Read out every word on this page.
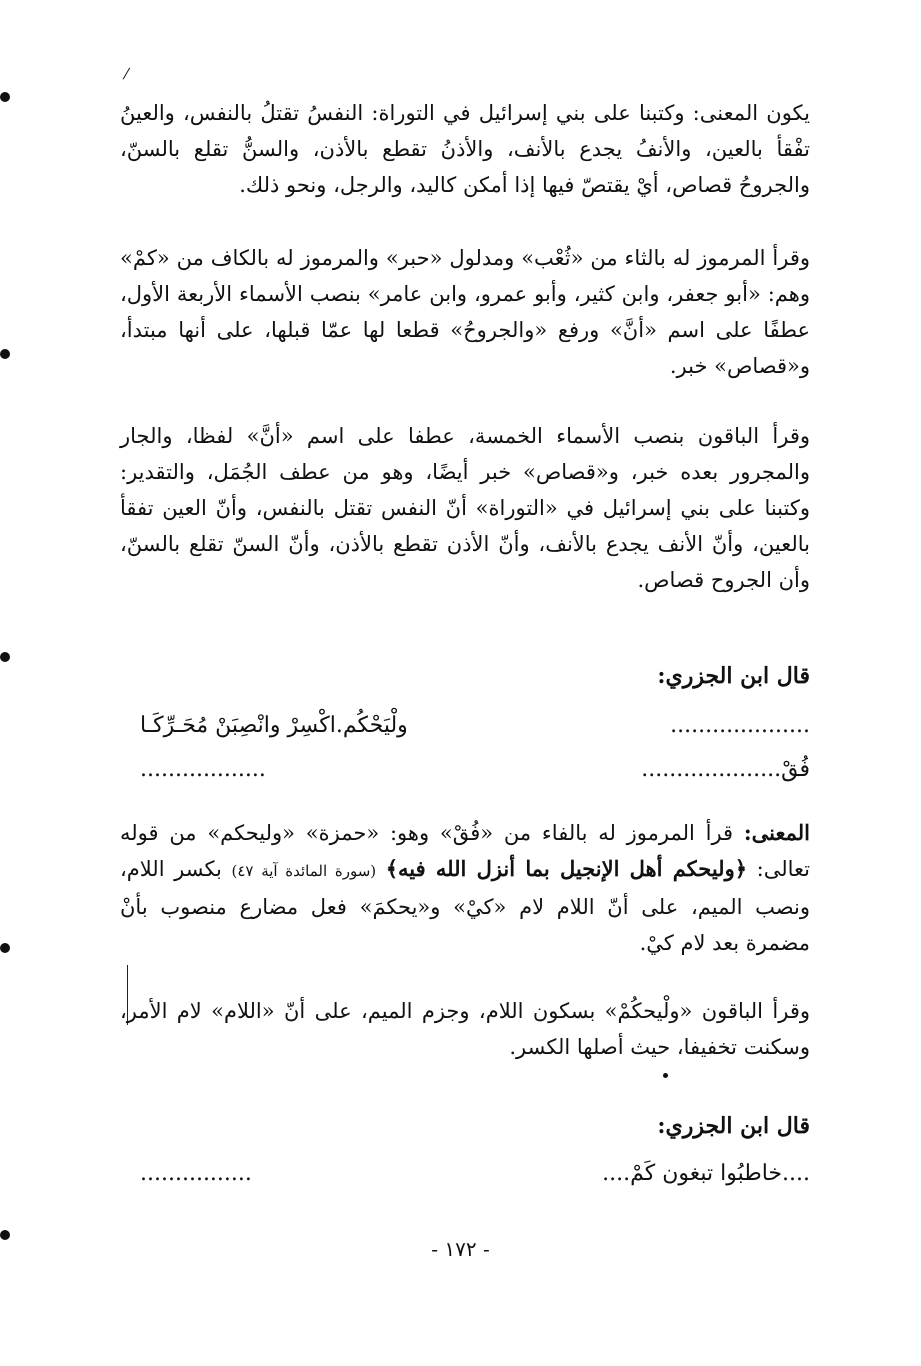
/

يكون المعنى: وكتبنا على بني إسرائيل في التوراة: النفسُ تقتلُ بالنفس، والعينُ تفْقأ بالعين، والأنفُ يجدع بالأنف، والأذنُ تقطع بالأذن، والسنُّ تقلع بالسنّ، والجروحُ قصاص، أيْ يقتصّ فيها إذا أمكن كاليد، والرجل، ونحو ذلك.

وقرأ المرموز له بالثاء من «ثُعْب» ومدلول «حبر» والمرموز له بالكاف من «كمْ» وهم: «أبو جعفر، وابن كثير، وأبو عمرو، وابن عامر» بنصب الأسماء الأربعة الأول، عطفًا على اسم «أنَّ» ورفع «والجروحُ» قطعا لها عمّا قبلها، على أنها مبتدأ، و«قصاص» خبر.

وقرأ الباقون بنصب الأسماء الخمسة، عطفا على اسم «أنَّ» لفظا، والجار والمجرور بعده خبر، و«قصاص» خبر أيضًا، وهو من عطف الجُمَل، والتقدير: وكتبنا على بني إسرائيل في «التوراة» أنّ النفس تقتل بالنفس، وأنّ العين تفقأ بالعين، وأنّ الأنف يجدع بالأنف، وأنّ الأذن تقطع بالأذن، وأنّ السنّ تقلع بالسنّ، وأن الجروح قصاص.

قال ابن الجزري:
....................
ولْيَحْكُم.اكْسِرْ وانْصِبَنْ مُحَـرِّكَـا
فُقْ....................
..................

المعنى: قرأ المرموز له بالفاء من «فُقْ» وهو: «حمزة» «وليحكم» من قوله تعالى: ﴿وليحكم أهل الإنجيل بما أنزل الله فيه﴾ (سورة المائدة آية ٤٧) بكسر اللام، ونصب الميم، على أنّ اللام لام «كيْ» و«يحكمَ» فعل مضارع منصوب بأنْ مضمرة بعد لام كيْ.

وقرأ الباقون «ولْيحكُمْ» بسكون اللام، وجزم الميم، على أنّ «اللام» لام الأمر، وسكنت تخفيفا، حيث أصلها الكسر.

قال ابن الجزري:
....خاطبُوا تبغون كَمْ....
................
- ١٧٢ -
